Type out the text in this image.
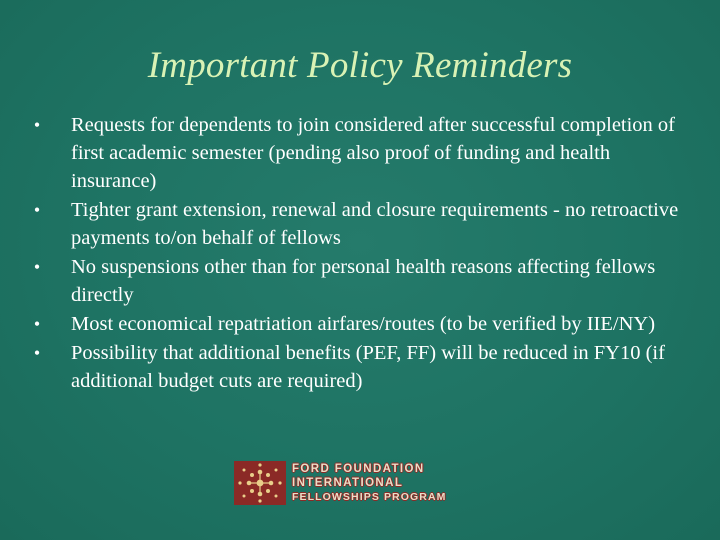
Important Policy Reminders
• Requests for dependents to join considered after successful completion of first academic semester (pending also proof of funding and health insurance)
• Tighter grant extension, renewal and closure requirements - no retroactive payments to/on behalf of fellows
• No suspensions other than for personal health reasons affecting fellows directly
• Most economical repatriation airfares/routes (to be verified by IIE/NY)
• Possibility that additional benefits (PEF, FF) will be reduced in FY10 (if additional budget cuts are required)
FORD FOUNDATION
INTERNATIONAL
FELLOWSHIPS PROGRAM
